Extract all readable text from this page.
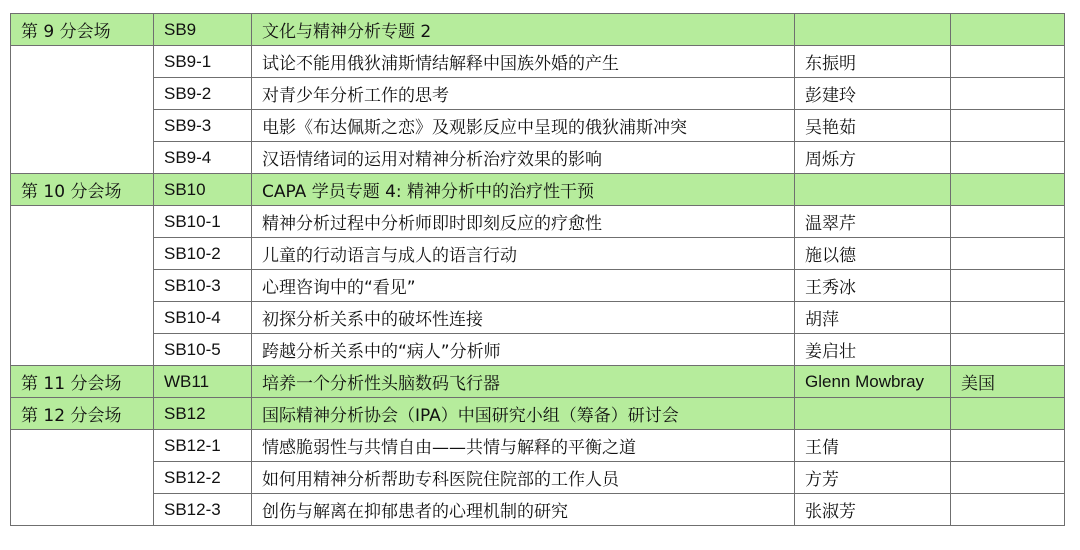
第 9 分会场	SB9	文化与精神分析专题 2		
	SB9-1	试论不能用俄狄浦斯情结解释中国族外婚的产生	东振明	
	SB9-2	对青少年分析工作的思考	彭建玲	
	SB9-3	电影《布达佩斯之恋》及观影反应中呈现的俄狄浦斯冲突	吴艳茹	
	SB9-4	汉语情绪词的运用对精神分析治疗效果的影响	周烁方	
第 10 分会场	SB10	CAPA 学员专题 4: 精神分析中的治疗性干预		
	SB10-1	精神分析过程中分析师即时即刻反应的疗愈性	温翠芹	
	SB10-2	儿童的行动语言与成人的语言行动	施以德	
	SB10-3	心理咨询中的“看见”	王秀冰	
	SB10-4	初探分析关系中的破坏性连接	胡萍	
	SB10-5	跨越分析关系中的“病人”分析师	姜启壮	
第 11 分会场	WB11	培养一个分析性头脑数码飞行器	Glenn Mowbray	美国
第 12 分会场	SB12	国际精神分析协会（IPA）中国研究小组（筹备）研讨会		
	SB12-1	情感脆弱性与共情自由——共情与解释的平衡之道	王倩	
	SB12-2	如何用精神分析帮助专科医院住院部的工作人员	方芳	
	SB12-3	创伤与解离在抑郁患者的心理机制的研究	张淑芳	
